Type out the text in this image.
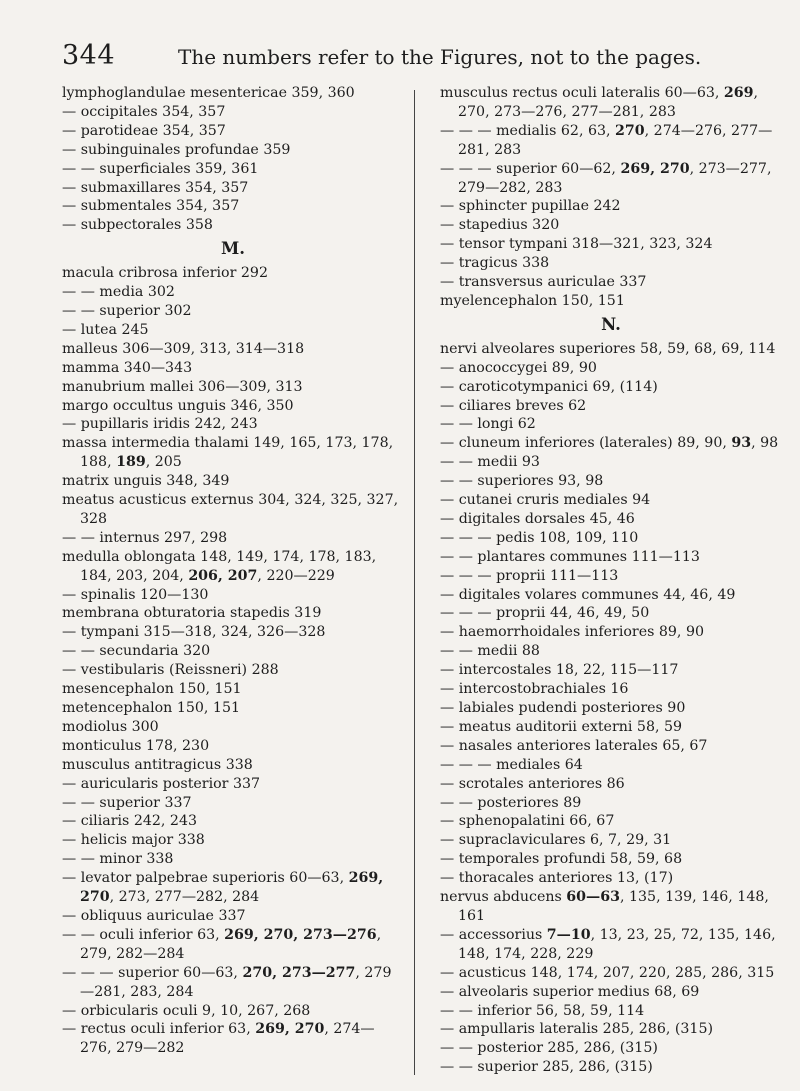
344	The numbers refer to the Figures, not to the pages.
lymphoglandulae mesentericae 359, 360
— occipitales 354, 357
— parotideae 354, 357
— subinguinales profundae 359
— — superficiales 359, 361
— submaxillares 354, 357
— submentales 354, 357
— subpectorales 358
M.
macula cribrosa inferior 292
— — media 302
— — superior 302
— lutea 245
malleus 306—309, 313, 314—318
mamma 340—343
manubrium mallei 306—309, 313
margo occultus unguis 346, 350
— pupillaris iridis 242, 243
massa intermedia thalami 149, 165, 173, 178, 188, 189, 205
matrix unguis 348, 349
meatus acusticus externus 304, 324, 325, 327, 328
— — internus 297, 298
medulla oblongata 148, 149, 174, 178, 183, 184, 203, 204, 206, 207, 220—229
— spinalis 120—130
membrana obturatoria stapedis 319
— tympani 315—318, 324, 326—328
— — secundaria 320
— vestibularis (Reissneri) 288
mesencephalon 150, 151
metencephalon 150, 151
modiolus 300
monticulus 178, 230
musculus antitragicus 338
— auricularis posterior 337
— — superior 337
— ciliaris 242, 243
— helicis major 338
— — minor 338
— levator palpebrae superioris 60—63, 269, 270, 273, 277—282, 284
— obliquus auriculae 337
— — oculi inferior 63, 269, 270, 273—276, 279, 282—284
— — — superior 60—63, 270, 273—277, 279—281, 283, 284
— orbicularis oculi 9, 10, 267, 268
— rectus oculi inferior 63, 269, 270, 274—276, 279—282
musculus rectus oculi lateralis 60—63, 269, 270, 273—276, 277—281, 283
— — — medialis 62, 63, 270, 274—276, 277—281, 283
— — — superior 60—62, 269, 270, 273—277, 279—282, 283
— sphincter pupillae 242
— stapedius 320
— tensor tympani 318—321, 323, 324
— tragicus 338
— transversus auriculae 337
myelencephalon 150, 151
N.
nervi alveolares superiores 58, 59, 68, 69, 114
— anococcygei 89, 90
— caroticotympanici 69, (114)
— ciliares breves 62
— — longi 62
— cluneum inferiores (laterales) 89, 90, 93, 98
— — medii 93
— — superiores 93, 98
— cutanei cruris mediales 94
— digitales dorsales 45, 46
— — — pedis 108, 109, 110
— — plantares communes 111—113
— — — proprii 111—113
— digitales volares communes 44, 46, 49
— — — proprii 44, 46, 49, 50
— haemorrhoidales inferiores 89, 90
— — medii 88
— intercostales 18, 22, 115—117
— intercostobrachiales 16
— labiales pudendi posteriores 90
— meatus auditorii externi 58, 59
— nasales anteriores laterales 65, 67
— — — mediales 64
— scrotales anteriores 86
— — posteriores 89
— sphenopalatini 66, 67
— supraclaviculares 6, 7, 29, 31
— temporales profundi 58, 59, 68
— thoracales anteriores 13, (17)
nervus abducens 60—63, 135, 139, 146, 148, 161
— accessorius 7—10, 13, 23, 25, 72, 135, 146, 148, 174, 228, 229
— acusticus 148, 174, 207, 220, 285, 286, 315
— alveolaris superior medius 68, 69
— — inferior 56, 58, 59, 114
— ampullaris lateralis 285, 286, (315)
— — posterior 285, 286, (315)
— — superior 285, 286, (315)
